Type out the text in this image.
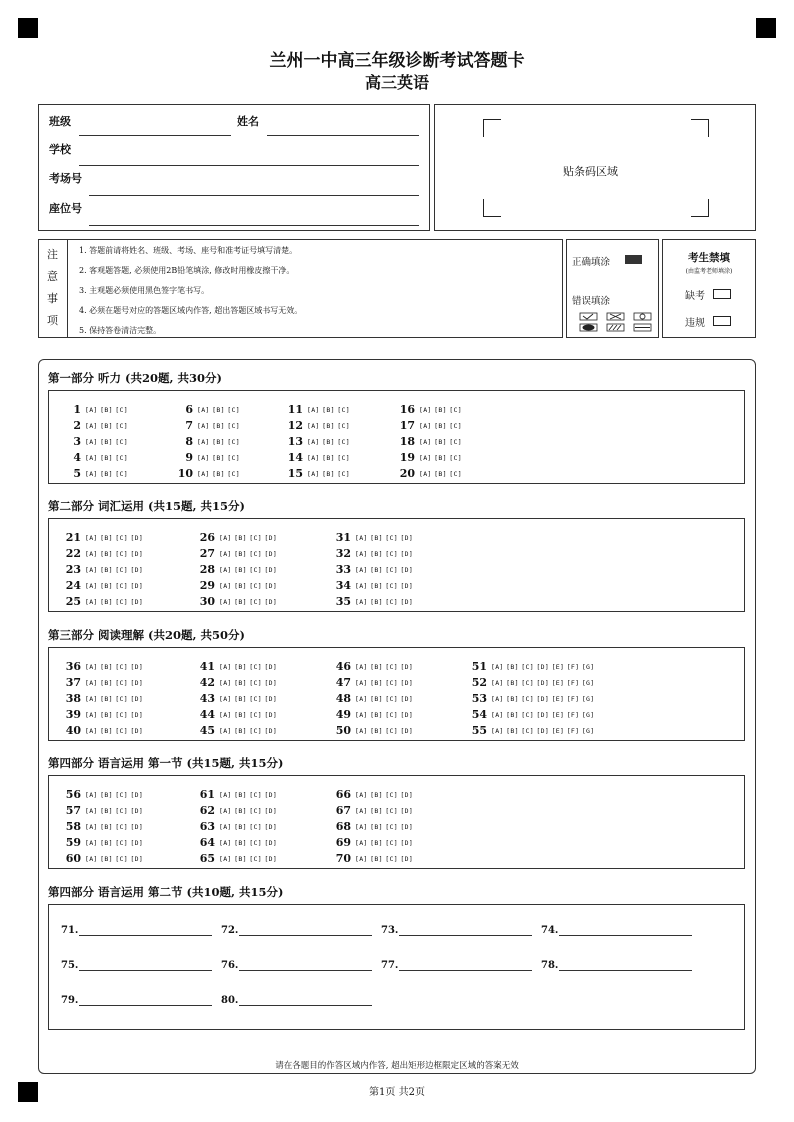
兰州一中高三年级诊断考试答题卡
高三英语
班级	姓名
学校
考场号
座位号
贴条码区域
注
意
事
项
1. 答题前请将姓名、班级、考场、座号和准考证号填写清楚。
2. 客观题答题, 必须使用2B铅笔填涂, 修改时用橡皮擦干净。
3. 主观题必须使用黑色签字笔书写。
4. 必须在题号对应的答题区域内作答, 超出答题区域书写无效。
5. 保持答卷清洁完整。
正确填涂
错误填涂
考生禁填
(由监考老师填涂)
缺考
违规
第一部分 听力 (共20题, 共30分)
1 [A] [B] [C]
2 [A] [B] [C]
3 [A] [B] [C]
4 [A] [B] [C]
5 [A] [B] [C]
6 [A] [B] [C]
7 [A] [B] [C]
8 [A] [B] [C]
9 [A] [B] [C]
10 [A] [B] [C]
11 [A] [B] [C]
12 [A] [B] [C]
13 [A] [B] [C]
14 [A] [B] [C]
15 [A] [B] [C]
16 [A] [B] [C]
17 [A] [B] [C]
18 [A] [B] [C]
19 [A] [B] [C]
20 [A] [B] [C]
第二部分 词汇运用 (共15题, 共15分)
21 [A] [B] [C] [D]
22 [A] [B] [C] [D]
23 [A] [B] [C] [D]
24 [A] [B] [C] [D]
25 [A] [B] [C] [D]
26 [A] [B] [C] [D]
27 [A] [B] [C] [D]
28 [A] [B] [C] [D]
29 [A] [B] [C] [D]
30 [A] [B] [C] [D]
31 [A] [B] [C] [D]
32 [A] [B] [C] [D]
33 [A] [B] [C] [D]
34 [A] [B] [C] [D]
35 [A] [B] [C] [D]
第三部分 阅读理解 (共20题, 共50分)
36 [A] [B] [C] [D]
37 [A] [B] [C] [D]
38 [A] [B] [C] [D]
39 [A] [B] [C] [D]
40 [A] [B] [C] [D]
41 [A] [B] [C] [D]
42 [A] [B] [C] [D]
43 [A] [B] [C] [D]
44 [A] [B] [C] [D]
45 [A] [B] [C] [D]
46 [A] [B] [C] [D]
47 [A] [B] [C] [D]
48 [A] [B] [C] [D]
49 [A] [B] [C] [D]
50 [A] [B] [C] [D]
51 [A] [B] [C] [D] [E] [F] [G]
52 [A] [B] [C] [D] [E] [F] [G]
53 [A] [B] [C] [D] [E] [F] [G]
54 [A] [B] [C] [D] [E] [F] [G]
55 [A] [B] [C] [D] [E] [F] [G]
第四部分 语言运用 第一节 (共15题, 共15分)
56 [A] [B] [C] [D]
57 [A] [B] [C] [D]
58 [A] [B] [C] [D]
59 [A] [B] [C] [D]
60 [A] [B] [C] [D]
61 [A] [B] [C] [D]
62 [A] [B] [C] [D]
63 [A] [B] [C] [D]
64 [A] [B] [C] [D]
65 [A] [B] [C] [D]
66 [A] [B] [C] [D]
67 [A] [B] [C] [D]
68 [A] [B] [C] [D]
69 [A] [B] [C] [D]
70 [A] [B] [C] [D]
第四部分 语言运用 第二节 (共10题, 共15分)
71.	72.	73.	74.
75.	76.	77.	78.
79.	80.
请在各题目的作答区域内作答, 超出矩形边框限定区域的答案无效
第1页 共2页
